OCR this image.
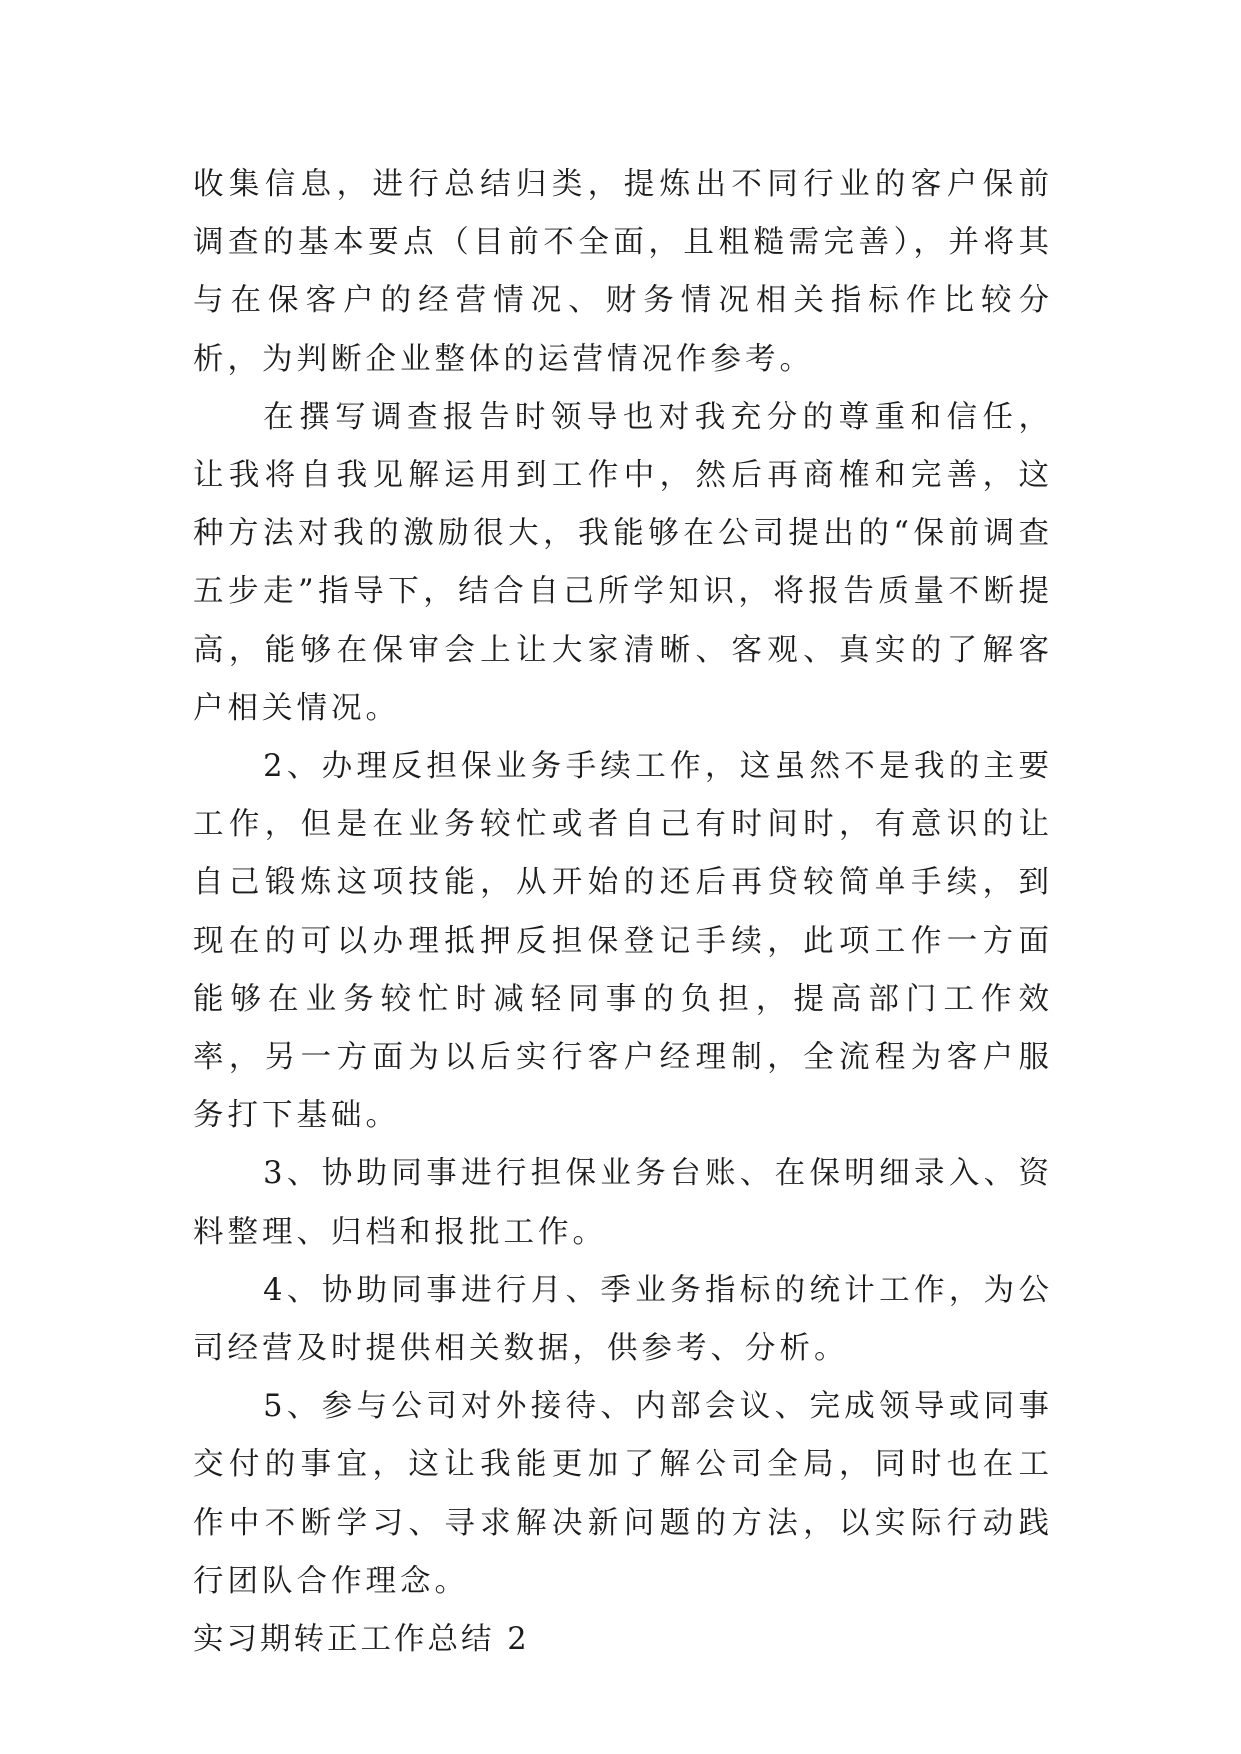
收集信息，进行总结归类，提炼出不同行业的客户保前调查的基本要点（目前不全面，且粗糙需完善），并将其与在保客户的经营情况、财务情况相关指标作比较分析，为判断企业整体的运营情况作参考。

在撰写调查报告时领导也对我充分的尊重和信任，让我将自我见解运用到工作中，然后再商榷和完善，这种方法对我的激励很大，我能够在公司提出的“保前调查五步走”指导下，结合自己所学知识，将报告质量不断提高，能够在保审会上让大家清晰、客观、真实的了解客户相关情况。

2、办理反担保业务手续工作，这虽然不是我的主要工作，但是在业务较忙或者自己有时间时，有意识的让自己锻炼这项技能，从开始的还后再贷较简单手续，到现在的可以办理抵押反担保登记手续，此项工作一方面能够在业务较忙时减轻同事的负担，提高部门工作效率，另一方面为以后实行客户经理制，全流程为客户服务打下基础。

3、协助同事进行担保业务台账、在保明细录入、资料整理、归档和报批工作。

4、协助同事进行月、季业务指标的统计工作，为公司经营及时提供相关数据，供参考、分析。

5、参与公司对外接待、内部会议、完成领导或同事交付的事宜，这让我能更加了解公司全局，同时也在工作中不断学习、寻求解决新问题的方法，以实际行动践行团队合作理念。

实习期转正工作总结 2
